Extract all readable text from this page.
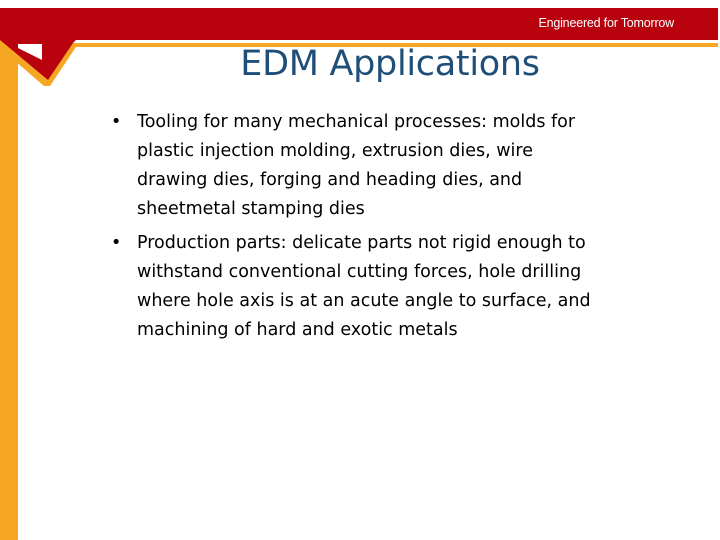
Engineered for Tomorrow
EDM Applications
• Tooling for many mechanical processes: molds for plastic injection molding, extrusion dies, wire drawing dies, forging and heading dies, and sheetmetal stamping dies
• Production parts: delicate parts not rigid enough to withstand conventional cutting forces, hole drilling where hole axis is at an acute angle to surface, and machining of hard and exotic metals
